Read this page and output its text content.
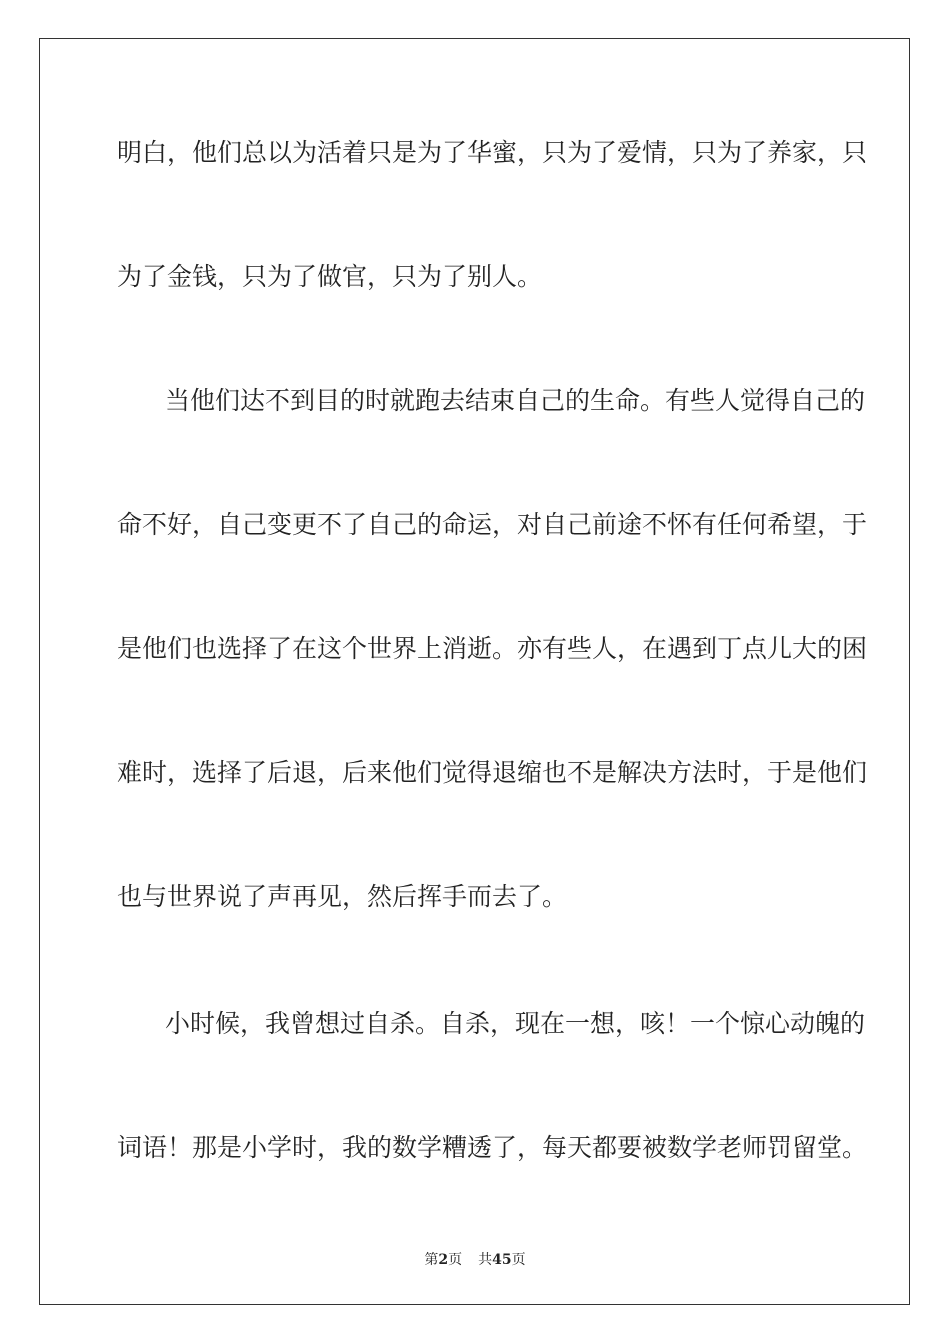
明白，他们总以为活着只是为了华蜜，只为了爱情，只为了养家，只
为了金钱，只为了做官，只为了别人。
当他们达不到目的时就跑去结束自己的生命。有些人觉得自己的
命不好，自己变更不了自己的命运，对自己前途不怀有任何希望，于
是他们也选择了在这个世界上消逝。亦有些人，在遇到丁点儿大的困
难时，选择了后退，后来他们觉得退缩也不是解决方法时，于是他们
也与世界说了声再见，然后挥手而去了。
小时候，我曾想过自杀。自杀，现在一想，咳！一个惊心动魄的
词语！那是小学时，我的数学糟透了，每天都要被数学老师罚留堂。
第2页 共45页
